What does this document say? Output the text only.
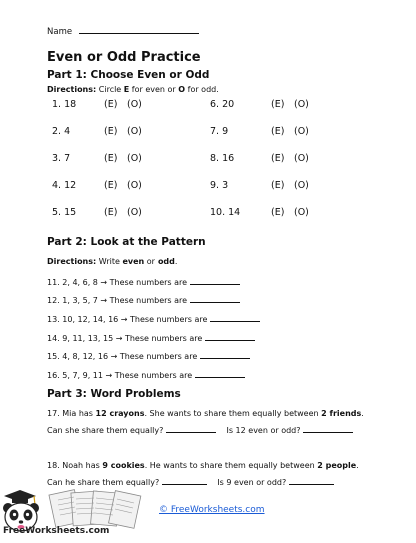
Name
Even or Odd Practice
Part 1: Choose Even or Odd
Directions: Circle E for even or O for odd.
1. 18	(E) (O)
2. 4	(E) (O)
3. 7	(E) (O)
4. 12	(E) (O)
5. 15	(E) (O)
6. 20	(E) (O)
7. 9	(E) (O)
8. 16	(E) (O)
9. 3	(E) (O)
10. 14	(E) (O)
Part 2: Look at the Pattern
Directions: Write even or odd.
11. 2, 4, 6, 8 → These numbers are
12. 1, 3, 5, 7 → These numbers are
13. 10, 12, 14, 16 → These numbers are
14. 9, 11, 13, 15 → These numbers are
15. 4, 8, 12, 16 → These numbers are
16. 5, 7, 9, 11 → These numbers are
Part 3: Word Problems
17. Mia has 12 crayons. She wants to share them equally between 2 friends.
Can she share them equally?	Is 12 even or odd?
18. Noah has 9 cookies. He wants to share them equally between 2 people.
Can he share them equally?	Is 9 even or odd?
© FreeWorksheets.com
FreeWorksheets.com
